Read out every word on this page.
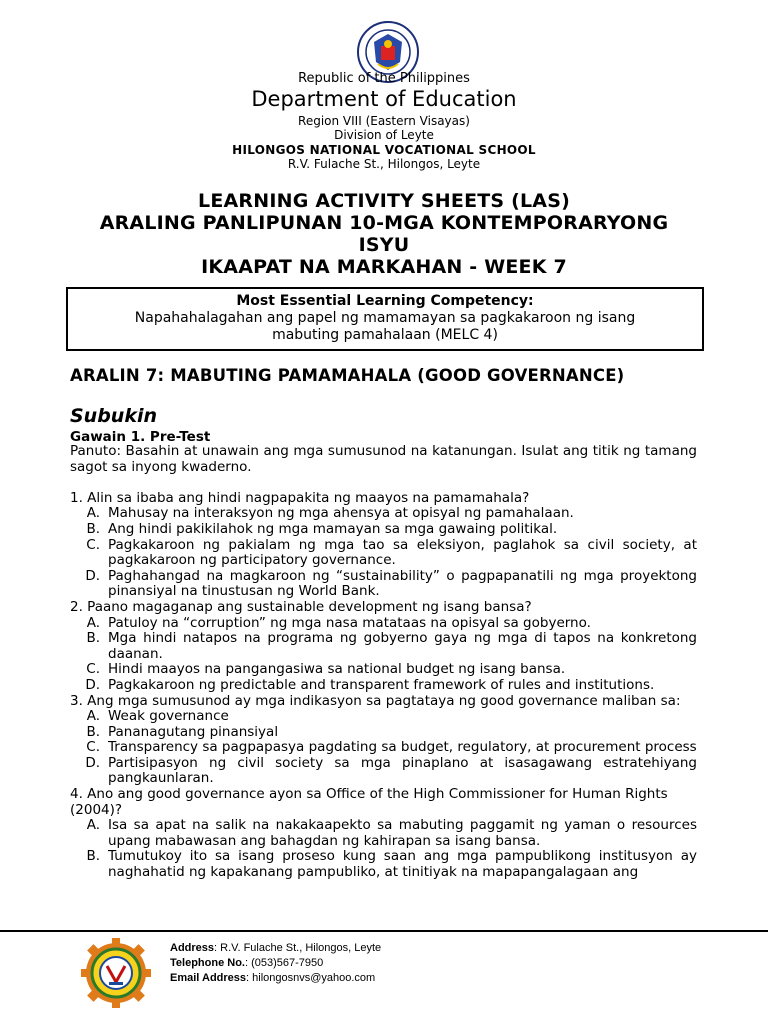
Republic of the Philippines
Department of Education
Region VIII (Eastern Visayas)
Division of Leyte
HILONGOS NATIONAL VOCATIONAL SCHOOL
R.V. Fulache St., Hilongos, Leyte
LEARNING ACTIVITY SHEETS (LAS)
ARALING PANLIPUNAN 10-MGA KONTEMPORARYONG
ISYU
IKAAPAT NA MARKAHAN - WEEK 7
Most Essential Learning Competency:
Napahahalagahan ang papel ng mamamayan sa pagkakaroon ng isang
mabuting pamahalaan (MELC 4)
ARALIN 7: MABUTING PAMAMAHALA (GOOD GOVERNANCE)
Subukin
Gawain 1. Pre-Test

Panuto: Basahin at unawain ang mga sumusunod na katanungan. Isulat ang titik ng tamang sagot sa inyong kwaderno.

1. Alin sa ibaba ang hindi nagpapakita ng maayos na pamamahala?

A. Mahusay na interaksyon ng mga ahensya at opisyal ng pamahalaan.
B. Ang hindi pakikilahok ng mga mamayan sa mga gawaing politikal.
C. Pagkakaroon ng pakialam ng mga tao sa eleksiyon, paglahok sa civil society, at pagkakaroon ng participatory governance.
D. Paghahangad na magkaroon ng “sustainability” o pagpapanatili ng mga proyektong pinansiyal na tinustusan ng World Bank.

2. Paano magaganap ang sustainable development ng isang bansa?

A. Patuloy na “corruption” ng mga nasa matataas na opisyal sa gobyerno.
B. Mga hindi natapos na programa ng gobyerno gaya ng mga di tapos na konkretong daanan.
C. Hindi maayos na pangangasiwa sa national budget ng isang bansa.
D. Pagkakaroon ng predictable and transparent framework of rules and institutions.

3. Ang mga sumusunod ay mga indikasyon sa pagtataya ng good governance maliban sa:

A. Weak governance
B. Pananagutang pinansiyal
C. Transparency sa pagpapasya pagdating sa budget, regulatory, at procurement process
D. Partisipasyon ng civil society sa mga pinaplano at isasagawang estratehiyang pangkaunlaran.

4. Ano ang good governance ayon sa Office of the High Commissioner for Human Rights (2004)?

A. Isa sa apat na salik na nakakaapekto sa mabuting paggamit ng yaman o resources upang mabawasan ang bahagdan ng kahirapan sa isang bansa.
B. Tumutukoy ito sa isang proseso kung saan ang mga pampublikong institusyon ay naghahatid ng kapakanang pampubliko, at tinitiyak na mapapangalagaan ang
Address: R.V. Fulache St., Hilongos, Leyte
Telephone No.: (053)567-7950
Email Address: hilongosnvs@yahoo.com
